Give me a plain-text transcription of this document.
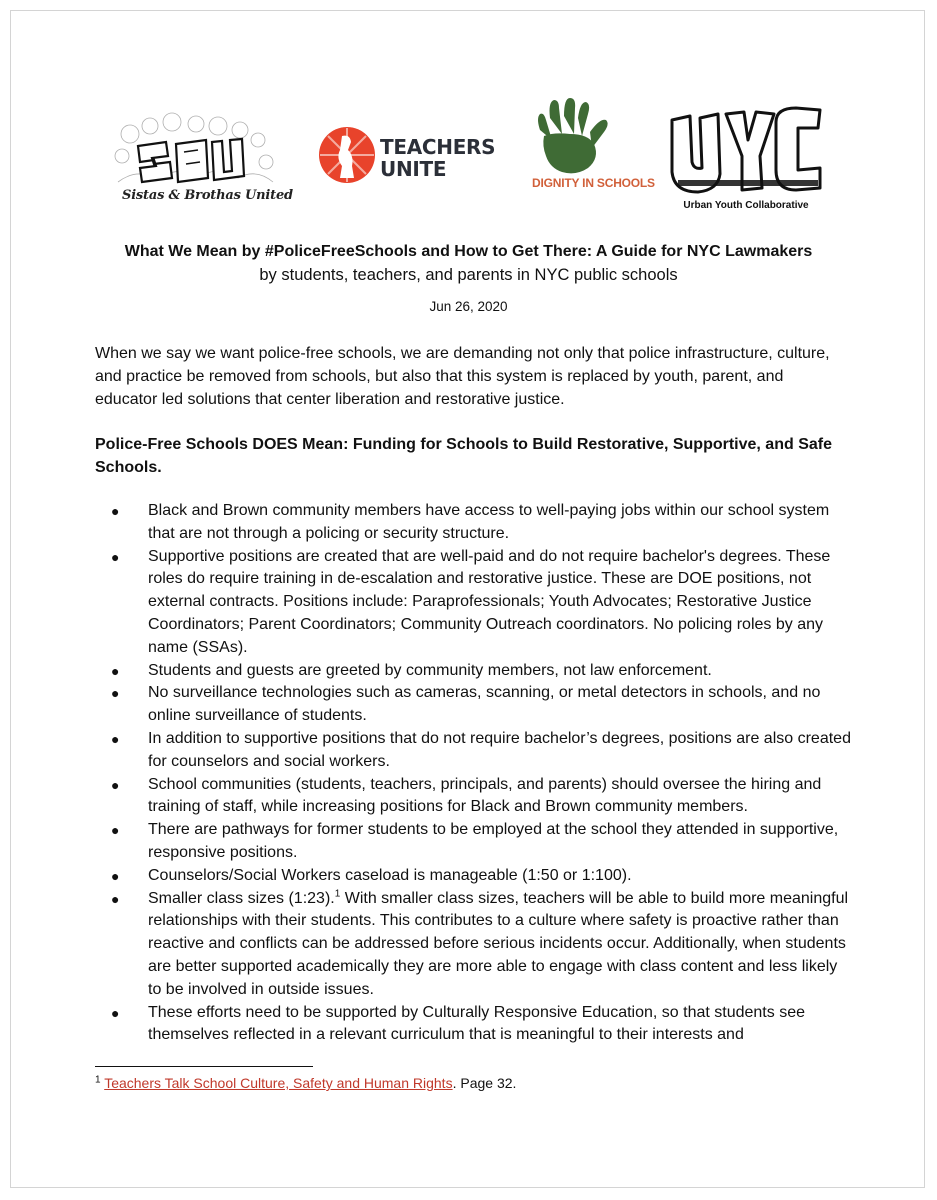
Sistas & Brothas United
TEACHERS
UNITE
DIGNITY IN SCHOOLS
Urban Youth Collaborative
What We Mean by #PoliceFreeSchools and How to Get There: A Guide for NYC Lawmakers
by students, teachers, and parents in NYC public schools
Jun 26, 2020
When we say we want police-free schools, we are demanding not only that police infrastructure, culture, and practice be removed from schools, but also that this system is replaced by youth, parent, and educator led solutions that center liberation and restorative justice.
Police-Free Schools DOES Mean: Funding for Schools to Build Restorative, Supportive, and Safe Schools.
● Black and Brown community members have access to well-paying jobs within our school system that are not through a policing or security structure.
● Supportive positions are created that are well-paid and do not require bachelor's degrees. These roles do require training in de-escalation and restorative justice. These are DOE positions, not external contracts. Positions include: Paraprofessionals; Youth Advocates; Restorative Justice Coordinators; Parent Coordinators; Community Outreach coordinators. No policing roles by any name (SSAs).
● Students and guests are greeted by community members, not law enforcement.
● No surveillance technologies such as cameras, scanning, or metal detectors in schools, and no online surveillance of students.
● In addition to supportive positions that do not require bachelor’s degrees, positions are also created for counselors and social workers.
● School communities (students, teachers, principals, and parents) should oversee the hiring and training of staff, while increasing positions for Black and Brown community members.
● There are pathways for former students to be employed at the school they attended in supportive, responsive positions.
● Counselors/Social Workers caseload is manageable (1:50 or 1:100).
● Smaller class sizes (1:23).$^1$ With smaller class sizes, teachers will be able to build more meaningful relationships with their students. This contributes to a culture where safety is proactive rather than reactive and conflicts can be addressed before serious incidents occur. Additionally, when students are better supported academically they are more able to engage with class content and less likely to be involved in outside issues.
● These efforts need to be supported by Culturally Responsive Education, so that students see themselves reflected in a relevant curriculum that is meaningful to their interests and
$^1$ Teachers Talk School Culture, Safety and Human Rights. Page 32.
